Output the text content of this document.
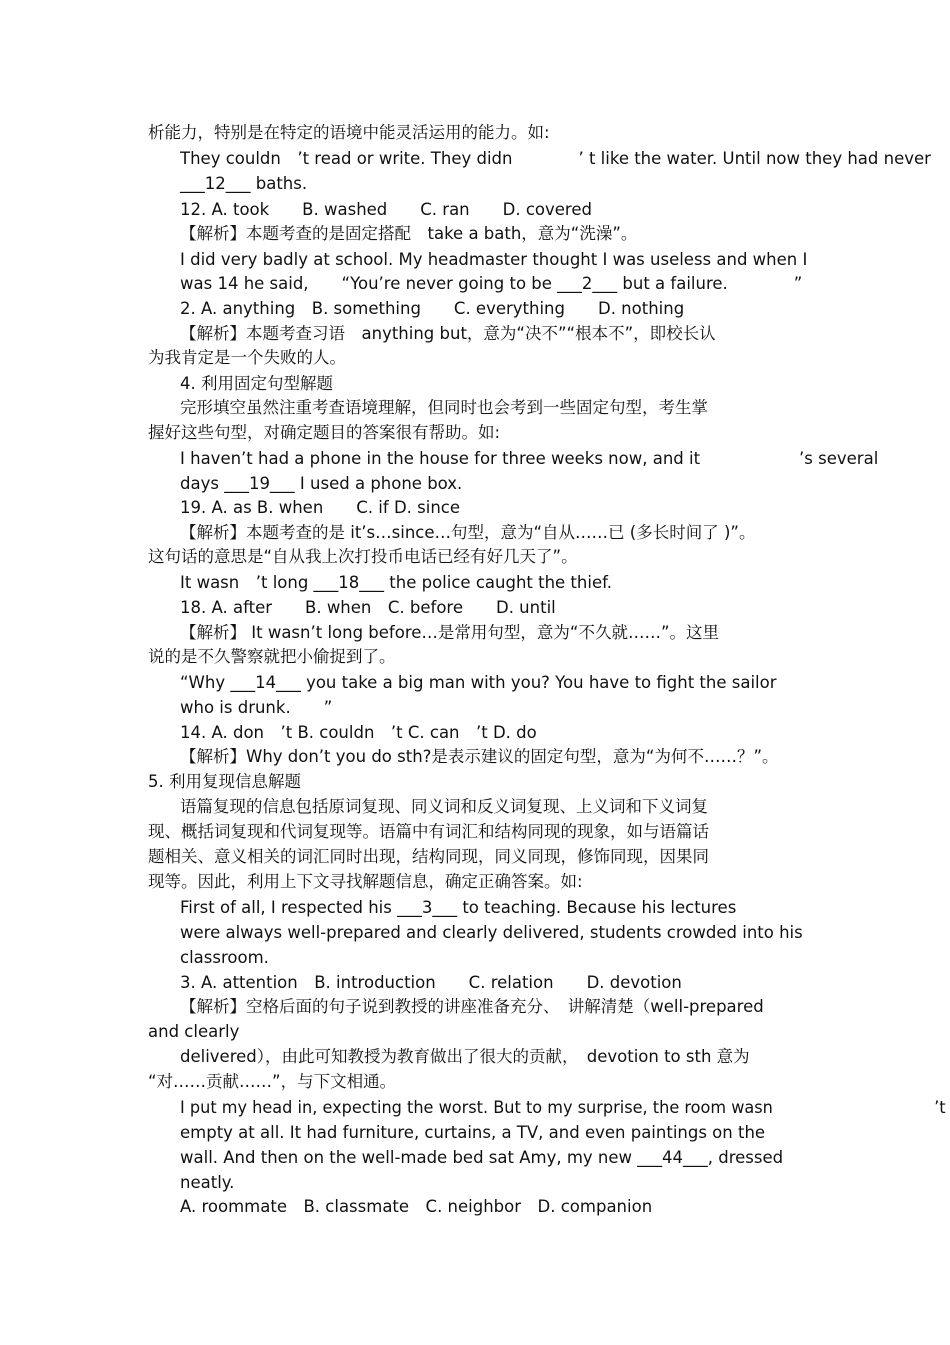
析能力，特别是在特定的语境中能灵活运用的能力。如:
They couldn　’t read or write. They didn　　　　’ t like the water. Until now they had never
___12___ baths.
12. A. took　　B. washed　　C. ran　　D. covered
【解析】本题考查的是固定搭配　take a bath，意为“洗澡”。
I did very badly at school. My headmaster thought I was useless and when I
was 14 he said,　　“You’re never going to be ___2___ but a failure.　　　　”
2. A. anything　B. something　　C. everything　　D. nothing
【解析】本题考查习语　anything but，意为“决不”“根本不”，即校长认
为我肯定是一个失败的人。
4. 利用固定句型解题
完形填空虽然注重考查语境理解，但同时也会考到一些固定句型，考生掌
握好这些句型，对确定题目的答案很有帮助。如:
I haven’t had a phone in the house for three weeks now, and it　　　　　　’s several
days ___19___ I used a phone box.
19. A. as B. when　　C. if D. since
【解析】本题考查的是 it’s…since…句型，意为“自从……已 (多长时间了 )”。
这句话的意思是“自从我上次打投币电话已经有好几天了”。
It wasn　’t long ___18___ the police caught the thief.
18. A. after　　B. when　C. before　　D. until
【解析】 It wasn’t long before…是常用句型，意为“不久就……”。这里
说的是不久警察就把小偷捉到了。
“Why ___14___ you take a big man with you? You have to fight the sailor
who is drunk.　　”
14. A. don　’t B. couldn　’t C. can　’t D. do
【解析】Why don’t you do sth?是表示建议的固定句型，意为“为何不……？”。
5. 利用复现信息解题
语篇复现的信息包括原词复现、同义词和反义词复现、上义词和下义词复
现、概括词复现和代词复现等。语篇中有词汇和结构同现的现象，如与语篇话
题相关、意义相关的词汇同时出现，结构同现，同义同现，修饰同现，因果同
现等。因此，利用上下文寻找解题信息，确定正确答案。如:
First of all, I respected his ___3___ to teaching. Because his lectures
were always well-prepared and clearly delivered, students crowded into his
classroom.
3. A. attention　B. introduction　　C. relation　　D. devotion
【解析】空格后面的句子说到教授的讲座准备充分、　讲解清楚（well-prepared
and clearly
delivered），由此可知教授为教育做出了很大的贡献，　devotion to sth 意为
“对……贡献……”，与下文相通。
I put my head in, expecting the worst. But to my surprise, the room wasn　　　　　　　　　　’t
empty at all. It had furniture, curtains, a TV, and even paintings on the
wall. And then on the well-made bed sat Amy, my new ___44___, dressed
neatly.
A. roommate　B. classmate　C. neighbor　D. companion
